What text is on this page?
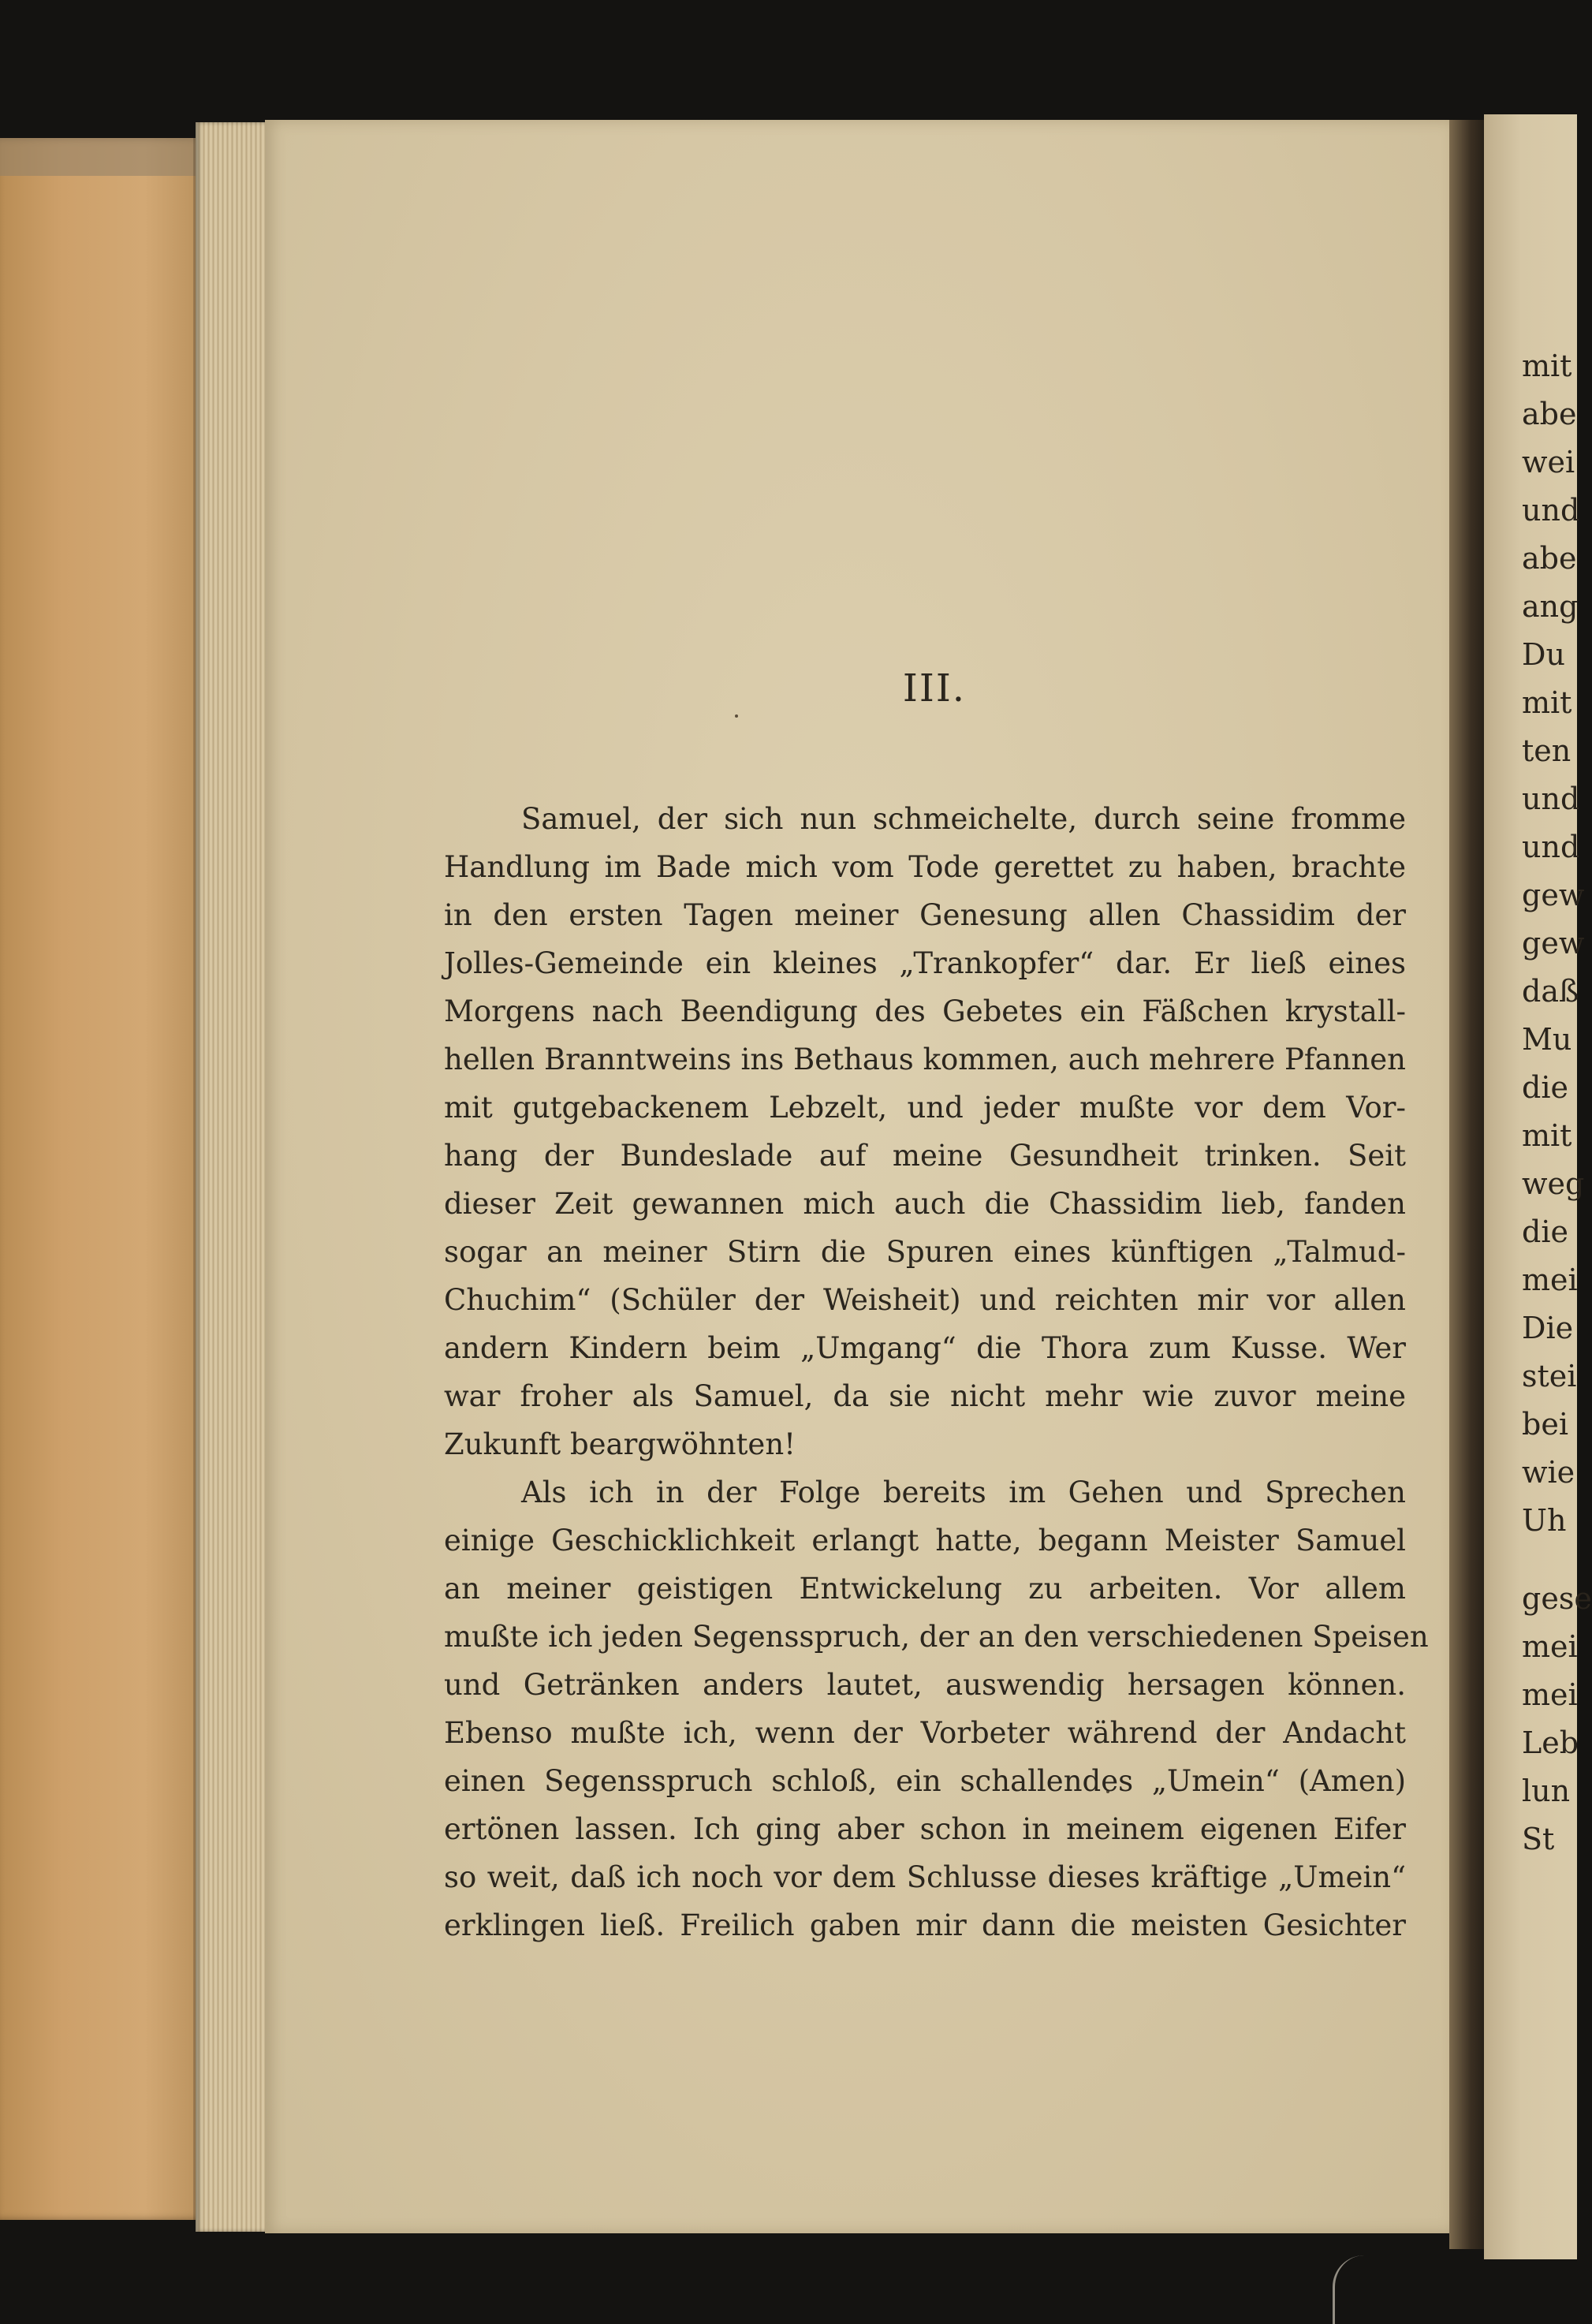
mit
abe
wei
und
abe
ang
Du
mit
ten
und
und
gew
gew
daß
Mu
die
mit
weg
die
mei
Die
stei
bei
wie
Uh
gese
mei
mei
Leb
lun
St
III.
Samuel, der sich nun schmeichelte, durch seine fromme
Handlung im Bade mich vom Tode gerettet zu haben, brachte
in den ersten Tagen meiner Genesung allen Chassidim der
Jolles-Gemeinde ein kleines „Trankopfer“ dar. Er ließ eines
Morgens nach Beendigung des Gebetes ein Fäßchen krystall-
hellen Branntweins ins Bethaus kommen, auch mehrere Pfannen
mit gutgebackenem Lebzelt, und jeder mußte vor dem Vor-
hang der Bundeslade auf meine Gesundheit trinken. Seit
dieser Zeit gewannen mich auch die Chassidim lieb, fanden
sogar an meiner Stirn die Spuren eines künftigen „Talmud-
Chuchim“ (Schüler der Weisheit) und reichten mir vor allen
andern Kindern beim „Umgang“ die Thora zum Kusse. Wer
war froher als Samuel, da sie nicht mehr wie zuvor meine
Zukunft beargwöhnten!
Als ich in der Folge bereits im Gehen und Sprechen
einige Geschicklichkeit erlangt hatte, begann Meister Samuel
an meiner geistigen Entwickelung zu arbeiten. Vor allem
mußte ich jeden Segensspruch, der an den verschiedenen Speisen
und Getränken anders lautet, auswendig hersagen können.
Ebenso mußte ich, wenn der Vorbeter während der Andacht
einen Segensspruch schloß, ein schallendes „Umein“ (Amen)
ertönen lassen. Ich ging aber schon in meinem eigenen Eifer
so weit, daß ich noch vor dem Schlusse dieses kräftige „Umein“
erklingen ließ. Freilich gaben mir dann die meisten Gesichter
